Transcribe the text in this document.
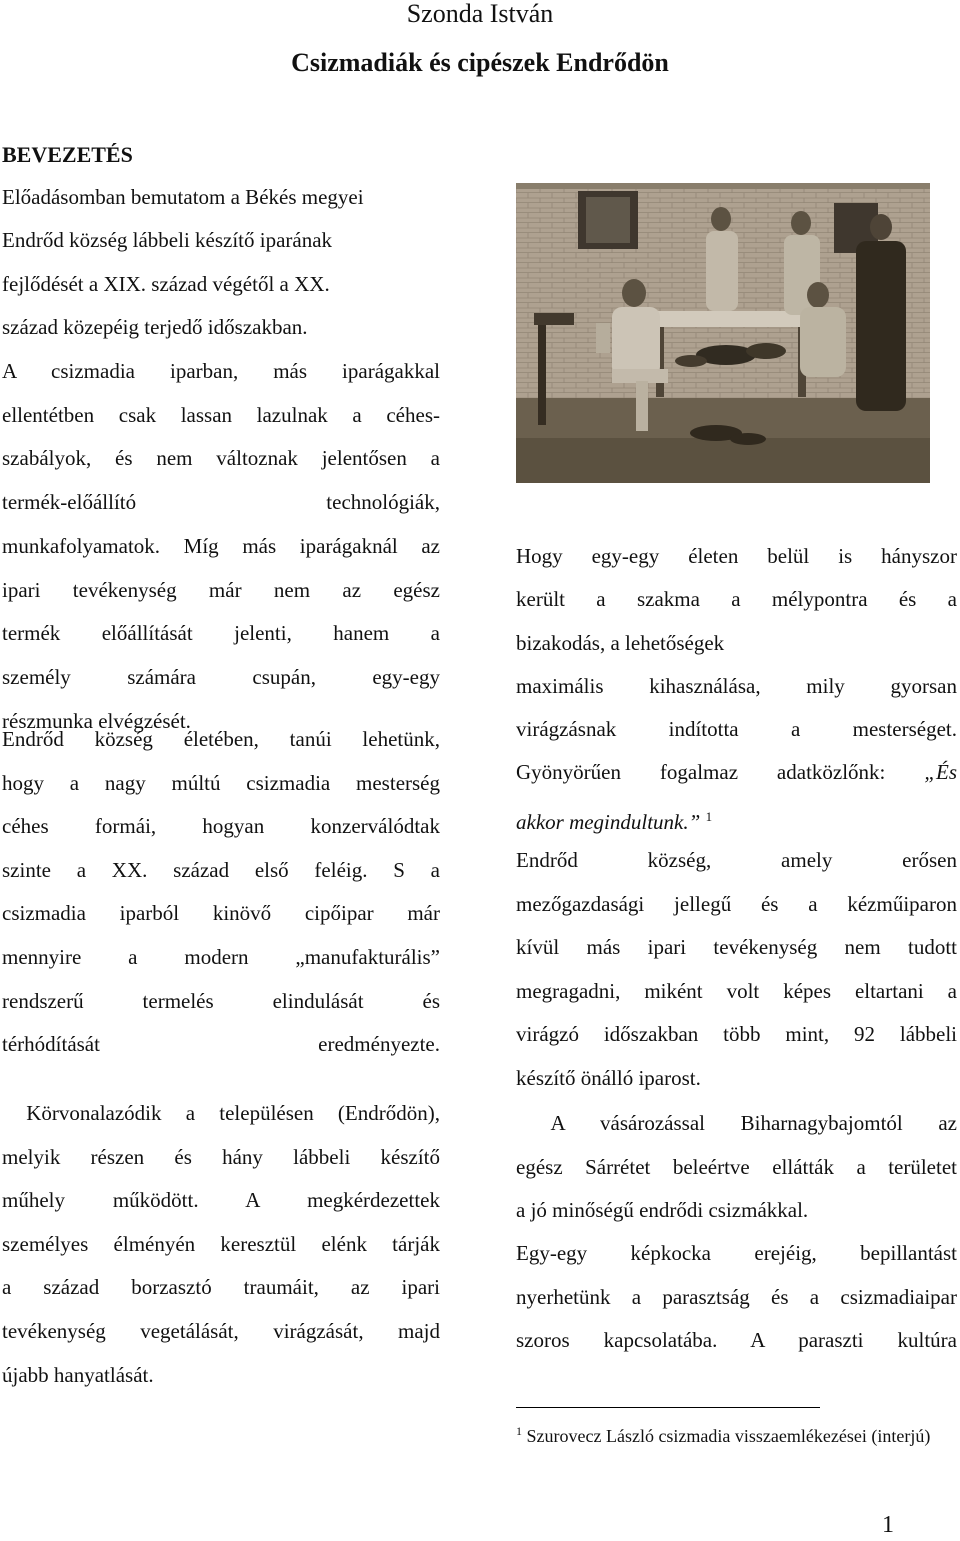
Szonda István
Csizmadiák és cipészek Endrődön
BEVEZETÉS

Előadásomban bemutatom a Békés megyei

Endrőd község lábbeli készítő iparának

fejlődését a XIX. század végétől a XX.

század közepéig terjedő időszakban.

A csizmadia iparban, más iparágakkal

ellentétben csak lassan lazulnak a céhes-

szabályok, és nem változnak jelentősen a

termék-előállító technológiák,

munkafolyamatok. Míg más iparágaknál az

ipari tevékenység már nem az egész

termék előállítását jelenti, hanem a

személy számára csupán, egy-egy

részmunka elvégzését.

Endrőd község életében, tanúi lehetünk,

hogy a nagy múltú csizmadia mesterség

céhes formái, hogyan konzerválódtak

szinte a XX. század első feléig. S a

csizmadia iparból kinövő cipőipar már

mennyire a modern „manufakturális”

rendszerű termelés elindulását és

térhódítását eredményezte.

Körvonalazódik a településen (Endrődön),

melyik részen és hány lábbeli készítő

műhely működött. A megkérdezettek

személyes élményén keresztül elénk tárják

a század borzasztó traumáit, az ipari

tevékenység vegetálását, virágzását, majd

újabb hanyatlását.

Hogy egy-egy életen belül is hányszor

került a szakma a mélypontra és a

bizakodás, a lehetőségek

maximális kihasználása, mily gyorsan

virágzásnak indította a mesterséget.

Gyönyörűen fogalmaz adatközlőnk: „És

akkor megindultunk.” $^1$

Endrőd község, amely erősen

mezőgazdasági jellegű és a kézműiparon

kívül más ipari tevékenység nem tudott

megragadni, miként volt képes eltartani a

virágzó időszakban több mint, 92 lábbeli

készítő önálló iparost.

A vásározással Biharnagybajomtól az

egész Sárrétet beleértve ellátták a területet

a jó minőségű endrődi csizmákkal.

Egy-egy képkocka erejéig, bepillantást

nyerhetünk a parasztság és a csizmadiaipar

szoros kapcsolatába. A paraszti kultúra

$^1$ Szurovecz László csizmadia visszaemlékezései (interjú)
1
